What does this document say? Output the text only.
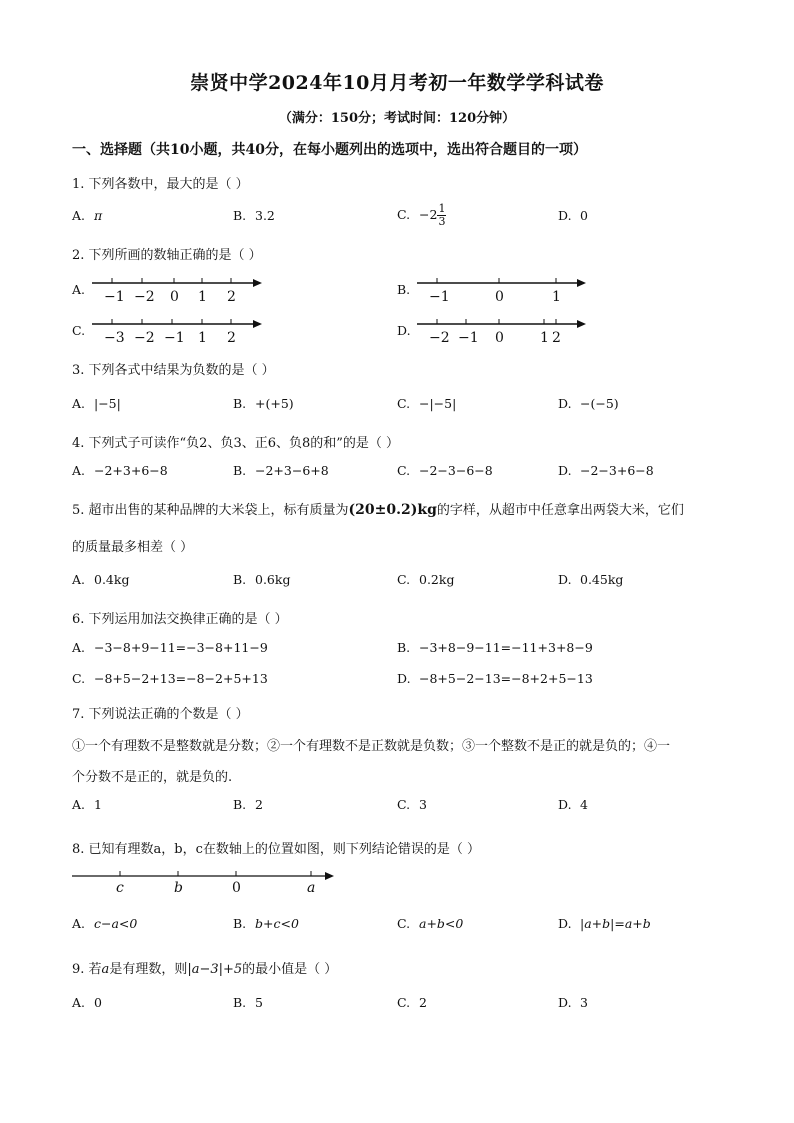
崇贤中学2024年10月月考初一年数学学科试卷
（满分：150分；考试时间：120分钟）
一、选择题（共10小题，共40分，在每小题列出的选项中，选出符合题目的一项）
1. 下列各数中，最大的是（ ）
A. π	B. 3.2	C. $-2 \frac{1}{3}$	D. 0
2. 下列所画的数轴正确的是（ ）
A. −1 −2 0 1 2	B. −1	0	1
C. −3 −2 −1 1 2	D. −2 −1 0	1 2
3. 下列各式中结果为负数的是（ ）
A. |−5|	B. +(+5)	C. −|−5|	D. −(−5)
4. 下列式子可读作“负2、负3、正6、负8的和”的是（ ）
A. −2+3+6−8	B. −2+3−6+8	C. −2−3−6−8	D. −2−3+6−8
5. 超市出售的某种品牌的大米袋上，标有质量为(20±0.2)kg的字样，从超市中任意拿出两袋大米，它们
的质量最多相差（ ）
A. 0.4kg	B. 0.6kg	C. 0.2kg	D. 0.45kg
6. 下列运用加法交换律正确的是（ ）
A. −3−8+9−11=−3−8+11−9	B. −3+8−9−11=−11+3+8−9
C. −8+5−2+13=−8−2+5+13	D. −8+5−2−13=−8+2+5−13
7. 下列说法正确的个数是（ ）
①一个有理数不是整数就是分数；②一个有理数不是正数就是负数；③一个整数不是正的就是负的；④一
个分数不是正的，就是负的.
A. 1	B. 2	C. 3	D. 4
8. 已知有理数a，b，c在数轴上的位置如图，则下列结论错误的是（ ）
c	b	0	a
A. c−a<0	B. b+c<0	C. a+b<0	D. |a+b|=a+b
9. 若a是有理数，则|a−3|+5的最小值是（ ）
A. 0	B. 5	C. 2	D. 3
